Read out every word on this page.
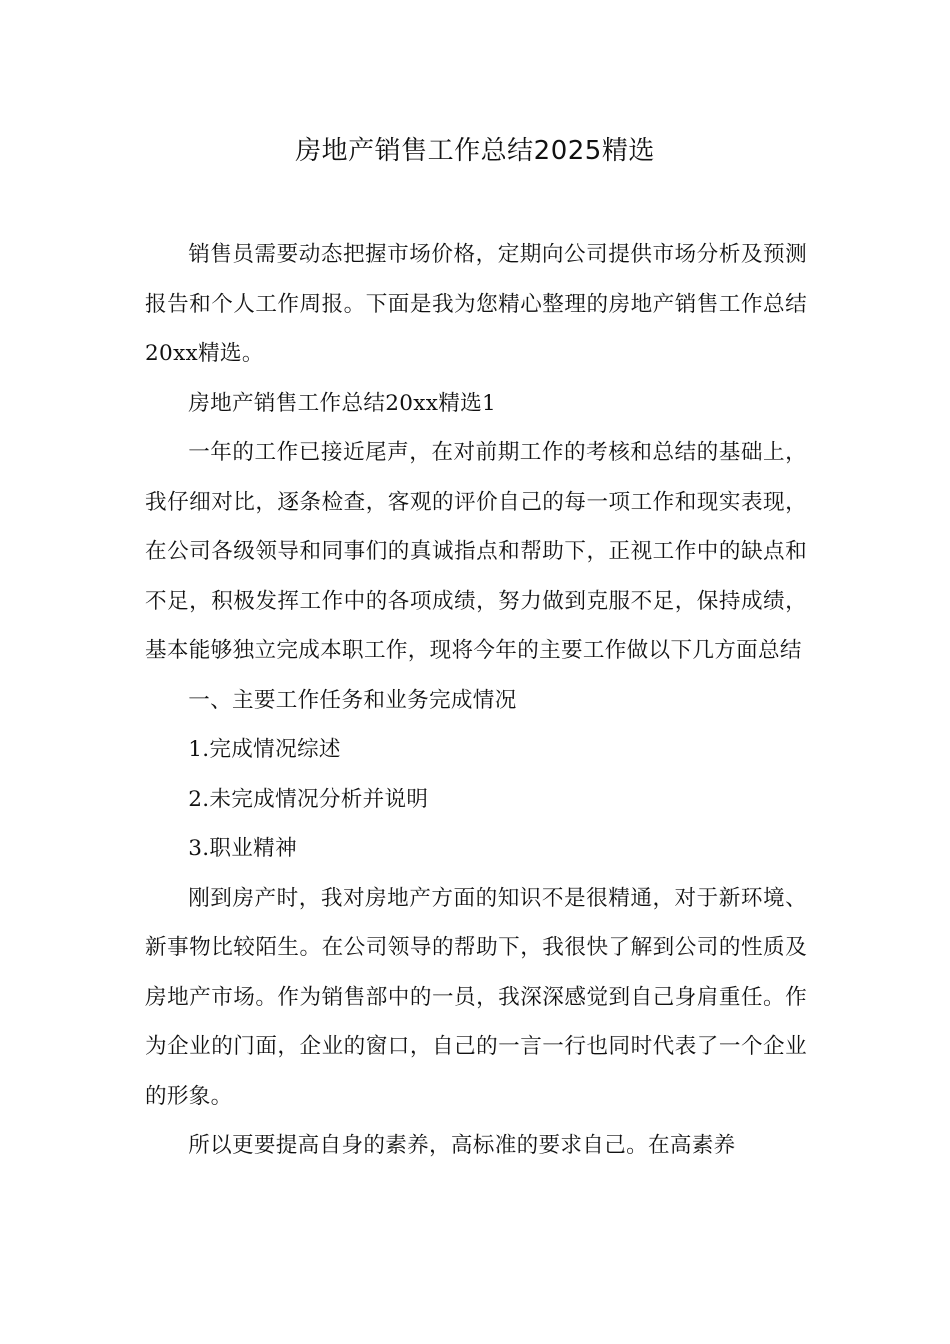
房地产销售工作总结2025精选

销售员需要动态把握市场价格，定期向公司提供市场分析及预测报告和个人工作周报。下面是我为您精心整理的房地产销售工作总结20xx精选。

房地产销售工作总结20xx精选1

一年的工作已接近尾声，在对前期工作的考核和总结的基础上，我仔细对比，逐条检查，客观的评价自己的每一项工作和现实表现，在公司各级领导和同事们的真诚指点和帮助下，正视工作中的缺点和不足，积极发挥工作中的各项成绩，努力做到克服不足，保持成绩，基本能够独立完成本职工作，现将今年的主要工作做以下几方面总结

一、主要工作任务和业务完成情况

1.完成情况综述

2.未完成情况分析并说明

3.职业精神

刚到房产时，我对房地产方面的知识不是很精通，对于新环境、新事物比较陌生。在公司领导的帮助下，我很快了解到公司的性质及房地产市场。作为销售部中的一员，我深深感觉到自己身肩重任。作为企业的门面，企业的窗口，自己的一言一行也同时代表了一个企业的形象。

所以更要提高自身的素养，高标准的要求自己。在高素养
